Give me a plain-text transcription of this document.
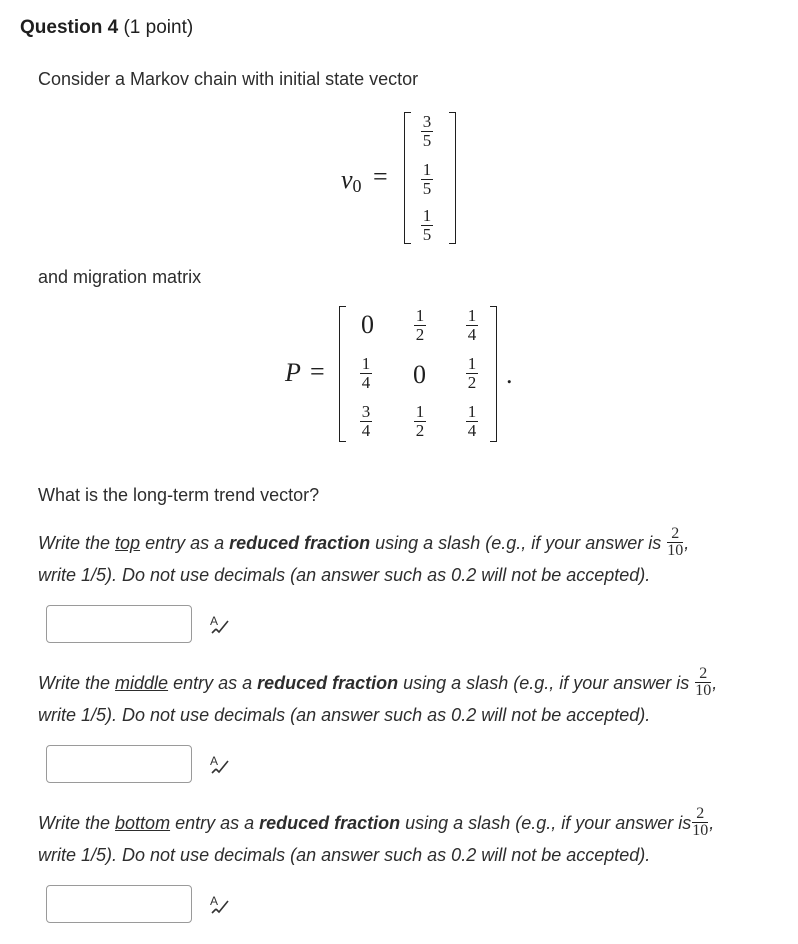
Question 4 (1 point)
Consider a Markov chain with initial state vector
v0 =
3
5
1
5
1
5
and migration matrix
P =	.
0 1
2
1
4
1
4 0 1
2
3
4
1
2
1
4
What is the long-term trend vector?
Write the top entry as a reduced fraction using a slash (e.g., if your answer is $\frac{2}{10}$ ,
write 1/5). Do not use decimals (an answer such as 0.2 will not be accepted).
A
Write the middle entry as a reduced fraction using a slash (e.g., if your answer is $\frac{2}{10}$ ,
write 1/5). Do not use decimals (an answer such as 0.2 will not be accepted).
A
Write the bottom entry as a reduced fraction using a slash (e.g., if your answer is $\frac{2}{10}$ ,
write 1/5). Do not use decimals (an answer such as 0.2 will not be accepted).
A
